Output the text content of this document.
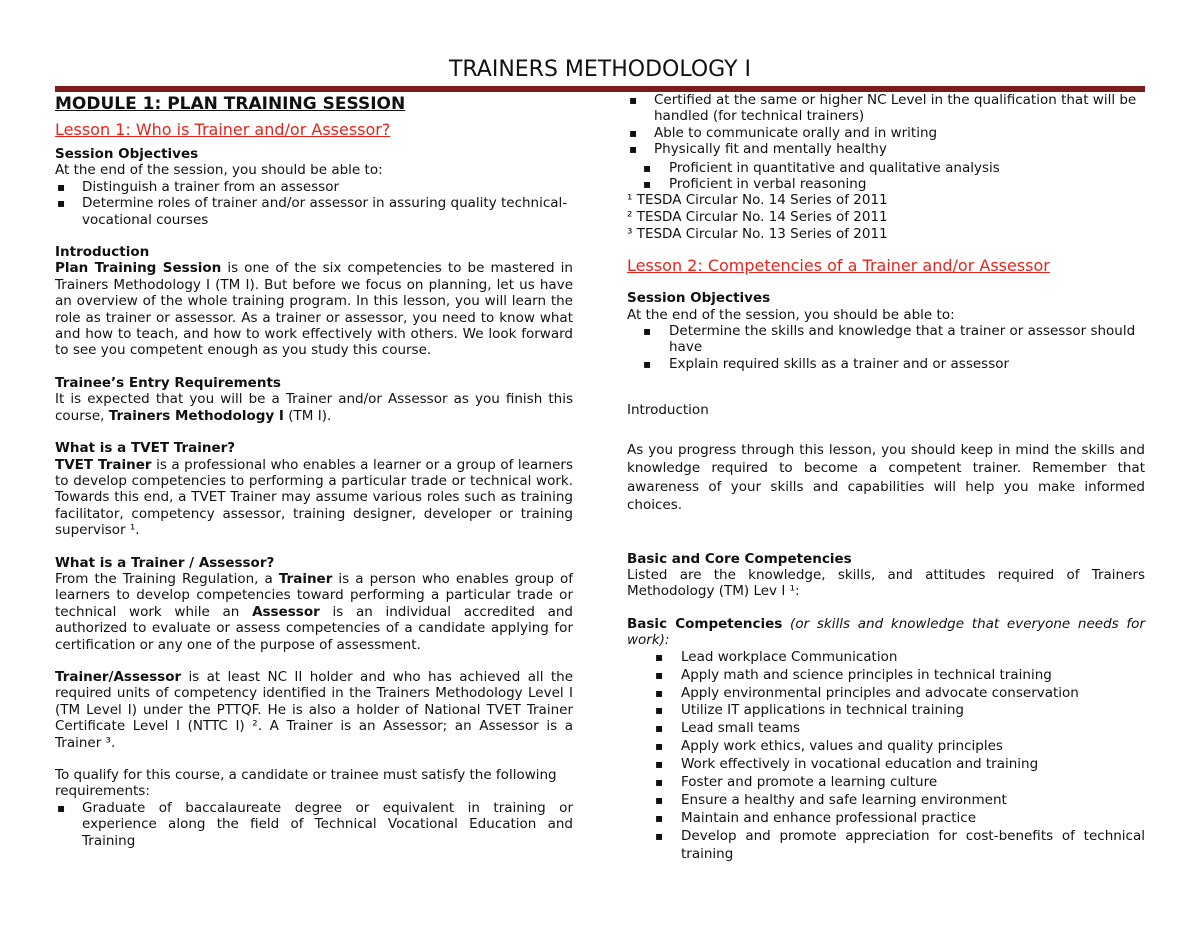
TRAINERS METHODOLOGY I

MODULE 1: PLAN TRAINING SESSION

Lesson 1: Who is Trainer and/or Assessor?

Session Objectives

At the end of the session, you should be able to:

▪ Distinguish a trainer from an assessor
▪ Determine roles of trainer and/or assessor in assuring quality technical-vocational courses

Introduction

Plan Training Session is one of the six competencies to be mastered in Trainers Methodology I (TM I). But before we focus on planning, let us have an overview of the whole training program. In this lesson, you will learn the role as trainer or assessor. As a trainer or assessor, you need to know what and how to teach, and how to work effectively with others. We look forward to see you competent enough as you study this course.

Trainee’s Entry Requirements

It is expected that you will be a Trainer and/or Assessor as you finish this course, Trainers Methodology I (TM I).

What is a TVET Trainer?

TVET Trainer is a professional who enables a learner or a group of learners to develop competencies to performing a particular trade or technical work. Towards this end, a TVET Trainer may assume various roles such as training facilitator, competency assessor, training designer, developer or training supervisor ¹.

What is a Trainer / Assessor?

From the Training Regulation, a Trainer is a person who enables group of learners to develop competencies toward performing a particular trade or technical work while an Assessor is an individual accredited and authorized to evaluate or assess competencies of a candidate applying for certification or any one of the purpose of assessment.

Trainer/Assessor is at least NC II holder and who has achieved all the required units of competency identified in the Trainers Methodology Level I (TM Level I) under the PTTQF. He is also a holder of National TVET Trainer Certificate Level I (NTTC I) ². A Trainer is an Assessor; an Assessor is a Trainer ³.

To qualify for this course, a candidate or trainee must satisfy the following requirements:

▪ Graduate of baccalaureate degree or equivalent in training or experience along the field of Technical Vocational Education and Training
▪ Certified at the same or higher NC Level in the qualification that will be handled (for technical trainers)
▪ Able to communicate orally and in writing
▪ Physically fit and mentally healthy
▪ Proficient in quantitative and qualitative analysis
▪ Proficient in verbal reasoning

¹ TESDA Circular No. 14 Series of 2011

² TESDA Circular No. 14 Series of 2011

³ TESDA Circular No. 13 Series of 2011

Lesson 2: Competencies of a Trainer and/or Assessor

Session Objectives

At the end of the session, you should be able to:

▪ Determine the skills and knowledge that a trainer or assessor should have
▪ Explain required skills as a trainer and or assessor

Introduction

As you progress through this lesson, you should keep in mind the skills and knowledge required to become a competent trainer. Remember that awareness of your skills and capabilities will help you make informed choices.

Basic and Core Competencies

Listed are the knowledge, skills, and attitudes required of Trainers Methodology (TM) Lev I ¹:

Basic Competencies (or skills and knowledge that everyone needs for work):

▪ Lead workplace Communication
▪ Apply math and science principles in technical training
▪ Apply environmental principles and advocate conservation
▪ Utilize IT applications in technical training
▪ Lead small teams
▪ Apply work ethics, values and quality principles
▪ Work effectively in vocational education and training
▪ Foster and promote a learning culture
▪ Ensure a healthy and safe learning environment
▪ Maintain and enhance professional practice
▪ Develop and promote appreciation for cost-benefits of technical training
